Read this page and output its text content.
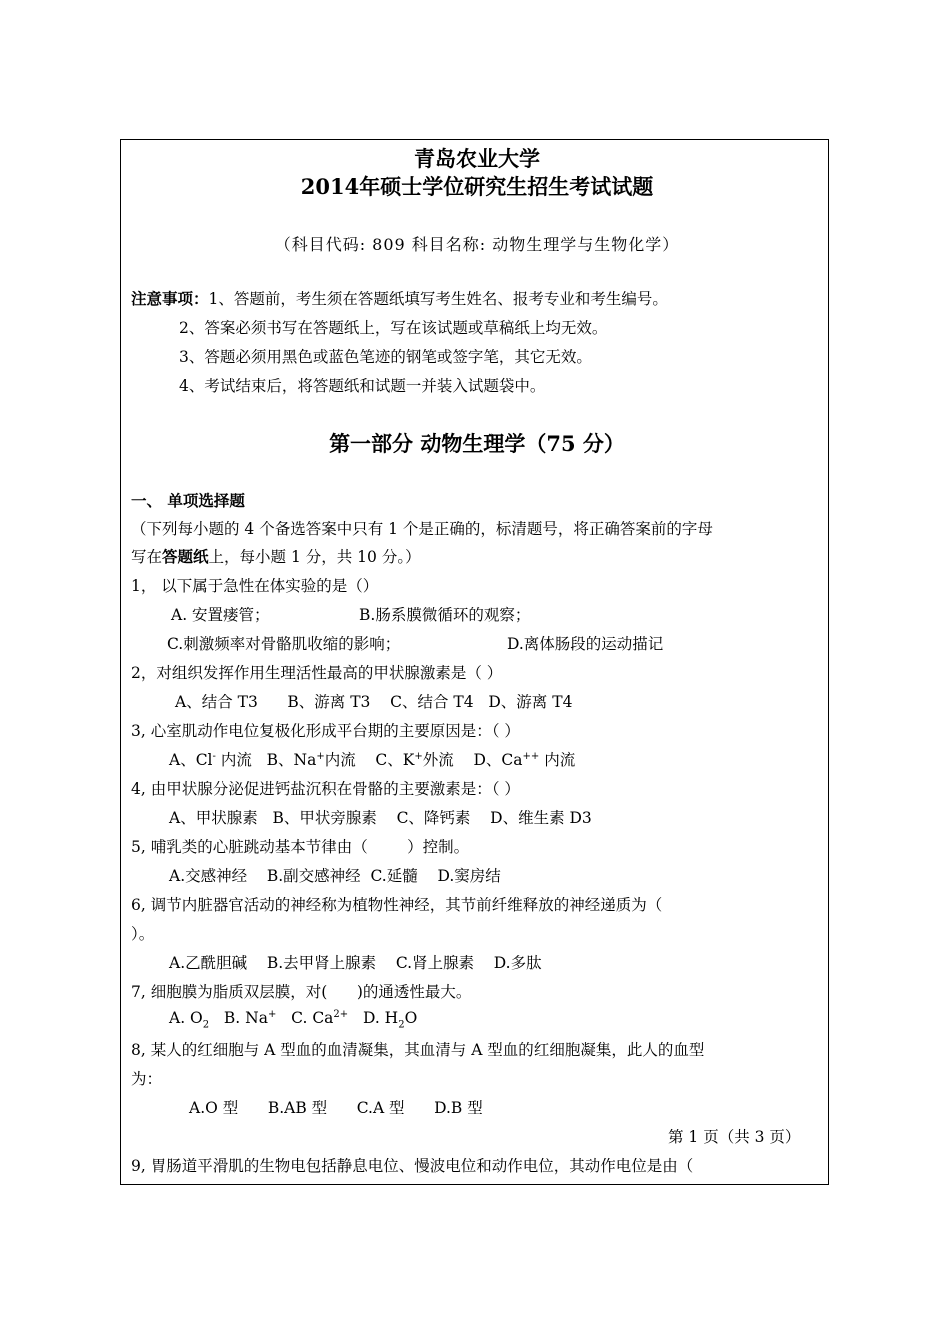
青岛农业大学
2014年硕士学位研究生招生考试试题
（科目代码: 809 科目名称: 动物生理学与生物化学）
注意事项：1、答题前，考生须在答题纸填写考生姓名、报考专业和考生编号。
2、答案必须书写在答题纸上，写在该试题或草稿纸上均无效。
3、答题必须用黑色或蓝色笔迹的钢笔或签字笔，其它无效。
4、考试结束后，将答题纸和试题一并装入试题袋中。
第一部分 动物生理学（75 分）
一、 单项选择题
（下列每小题的 4 个备选答案中只有 1 个是正确的，标清题号，将正确答案前的字母
写在答题纸上，每小题 1 分，共 10 分。）
1， 以下属于急性在体实验的是（）
A. 安置瘘管；	B.肠系膜微循环的观察；
C.刺激频率对骨骼肌收缩的影响；	D.离体肠段的运动描记
2，对组织发挥作用生理活性最高的甲状腺激素是（ ）
A、结合 T3      B、游离 T3    C、结合 T4   D、游离 T4
3, 心室肌动作电位复极化形成平台期的主要原因是：（ ）
A、Cl- 内流   B、Na+内流    C、K+外流    D、Ca++ 内流
4, 由甲状腺分泌促进钙盐沉积在骨骼的主要激素是：（ ）
A、甲状腺素   B、甲状旁腺素    C、降钙素    D、维生素 D3
5, 哺乳类的心脏跳动基本节律由（        ）控制。
A.交感神经    B.副交感神经  C.延髓    D.窦房结
6, 调节内脏器官活动的神经称为植物性神经，其节前纤维释放的神经递质为（
）。
A.乙酰胆碱    B.去甲肾上腺素    C.肾上腺素    D.多肽
7, 细胞膜为脂质双层膜，对(      )的通透性最大。
A. $O_2$   B. Na+   C. $Ca^{2+}$   D. $H_2O$
8, 某人的红细胞与 A 型血的血清凝集，其血清与 A 型血的红细胞凝集，此人的血型
为：
A.O 型      B.AB 型      C.A 型      D.B 型
第 1 页（共 3 页）
9, 胃肠道平滑肌的生物电包括静息电位、慢波电位和动作电位，其动作电位是由（
